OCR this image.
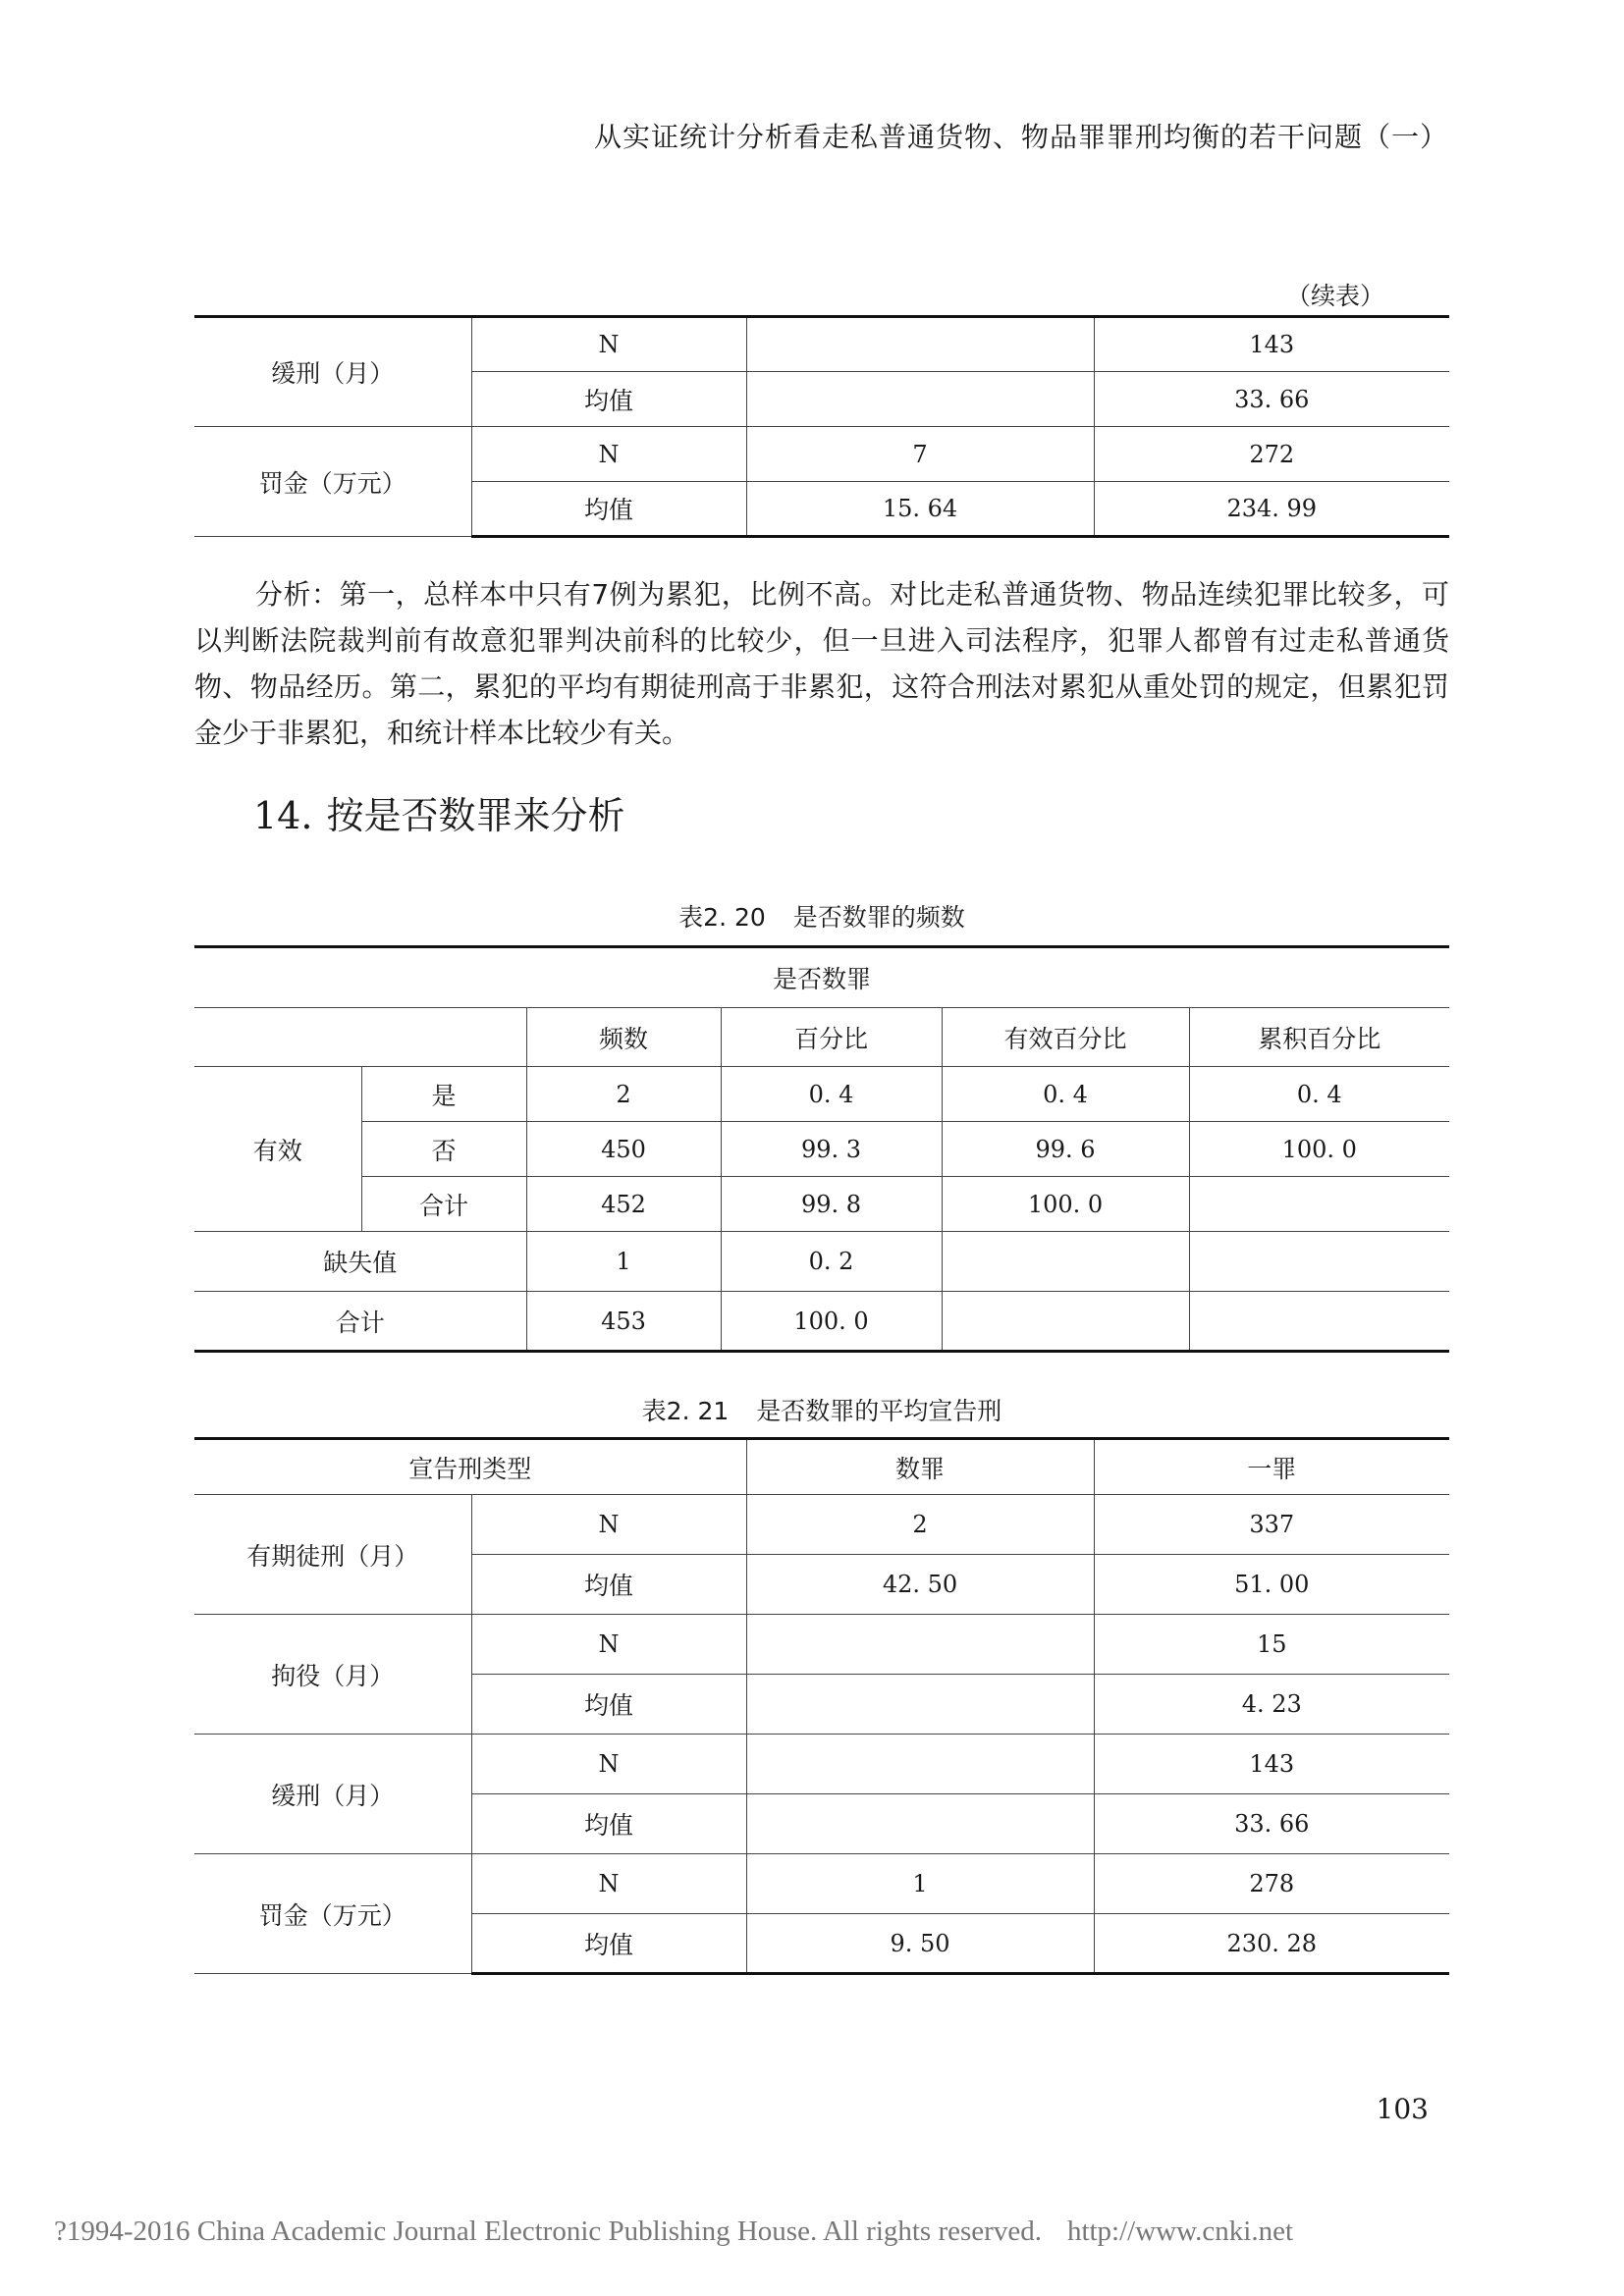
从实证统计分析看走私普通货物、物品罪罪刑均衡的若干问题（一）
（续表）
缓刑（月）	N		143
	均值		33. 66
罚金（万元）	N	7	272
	均值	15. 64	234. 99

分析：第一，总样本中只有7例为累犯，比例不高。对比走私普通货物、物品连续犯罪比较多，可以判断法院裁判前有故意犯罪判决前科的比较少，但一旦进入司法程序，犯罪人都曾有过走私普通货物、物品经历。第二，累犯的平均有期徒刑高于非累犯，这符合刑法对累犯从重处罚的规定，但累犯罚金少于非累犯，和统计样本比较少有关。

14. 按是否数罪来分析
表2. 20 是否数罪的频数
是否数罪					
		频数	百分比	有效百分比	累积百分比
有效	是	2	0. 4	0. 4	0. 4
	否	450	99. 3	99. 6	100. 0
	合计	452	99. 8	100. 0	
缺失值		1	0. 2		
合计		453	100. 0		
表2. 21 是否数罪的平均宣告刑
宣告刑类型		数罪	一罪
有期徒刑（月）	N	2	337
	均值	42. 50	51. 00
拘役（月）	N		15
	均值		4. 23
缓刑（月）	N		143
	均值		33. 66
罚金（万元）	N	1	278
	均值	9. 50	230. 28
103
?1994-2016 China Academic Journal Electronic Publishing House. All rights reserved. http://www.cnki.net
